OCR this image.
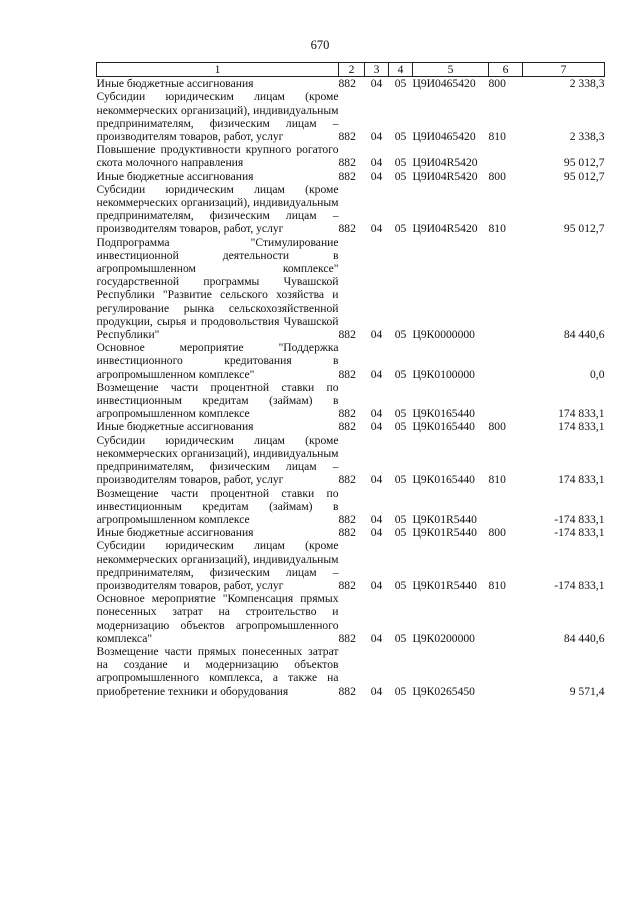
670
1	2	3	4	5	6	7
Иные бюджетные ассигнования	882	04	05	Ц9И0465420	800	2 338,3
Субсидии юридическим лицам (кроме некоммерческих организаций), индивидуальным предпринимателям, физическим лицам – производителям товаров, работ, услуг	882	04	05	Ц9И0465420	810	2 338,3
Повышение продуктивности крупного рогатого скота молочного направления	882	04	05	Ц9И04R5420		95 012,7
Иные бюджетные ассигнования	882	04	05	Ц9И04R5420	800	95 012,7
Субсидии юридическим лицам (кроме некоммерческих организаций), индивидуальным предпринимателям, физическим лицам – производителям товаров, работ, услуг	882	04	05	Ц9И04R5420	810	95 012,7
Подпрограмма "Стимулирование инвестиционной деятельности в агропромышленном комплексе" государственной программы Чувашской Республики "Развитие сельского хозяйства и регулирование рынка сельскохозяйственной продукции, сырья и продовольствия Чувашской Республики"	882	04	05	Ц9К0000000		84 440,6
Основное мероприятие "Поддержка инвестиционного кредитования в агропромышленном комплексе"	882	04	05	Ц9К0100000		0,0
Возмещение части процентной ставки по инвестиционным кредитам (займам) в агропромышленном комплексе	882	04	05	Ц9К0165440		174 833,1
Иные бюджетные ассигнования	882	04	05	Ц9К0165440	800	174 833,1
Субсидии юридическим лицам (кроме некоммерческих организаций), индивидуальным предпринимателям, физическим лицам – производителям товаров, работ, услуг	882	04	05	Ц9К0165440	810	174 833,1
Возмещение части процентной ставки по инвестиционным кредитам (займам) в агропромышленном комплексе	882	04	05	Ц9К01R5440		-174 833,1
Иные бюджетные ассигнования	882	04	05	Ц9К01R5440	800	-174 833,1
Субсидии юридическим лицам (кроме некоммерческих организаций), индивидуальным предпринимателям, физическим лицам – производителям товаров, работ, услуг	882	04	05	Ц9К01R5440	810	-174 833,1
Основное мероприятие "Компенсация прямых понесенных затрат на строительство и модернизацию объектов агропромышленного комплекса"	882	04	05	Ц9К0200000		84 440,6
Возмещение части прямых понесенных затрат на создание и модернизацию объектов агропромышленного комплекса, а также на приобретение техники и оборудования	882	04	05	Ц9К0265450		9 571,4
